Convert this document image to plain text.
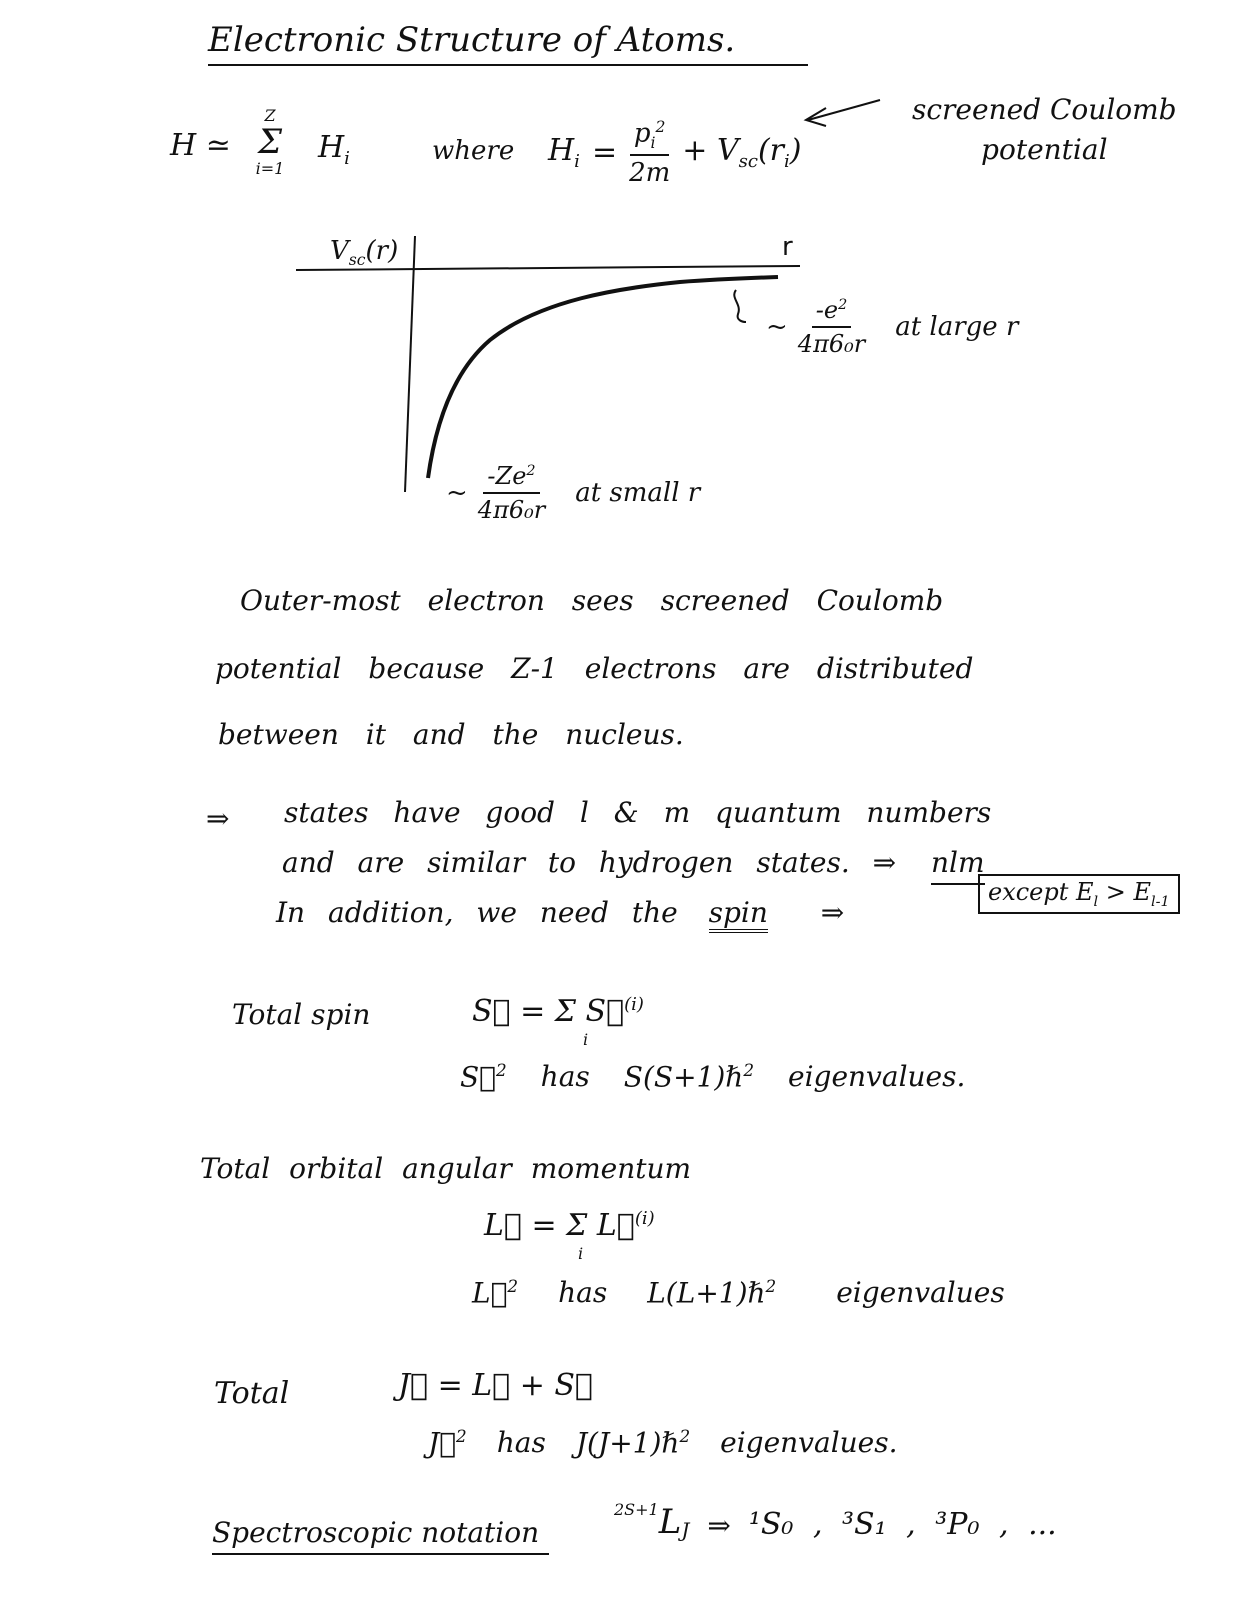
Electronic Structure of Atoms.
H ≃
Z
Σ
i=1
$H_i$	where $H_i = \frac{p_i^2}{2m} + V_{sc}(r_i)$
screened Coulomb
potential
$V_{sc}(r)$	r
~ $\frac{-e^2}{\text{4π6₀r}}$ at large r
~ $\frac{-Ze^2}{\text{4π6₀r}}$ at small r
Outer-most electron sees screened Coulomb
potential because Z-1 electrons are distributed
between it and the nucleus.
⇒ states have good l & m quantum numbers
and are similar to hydrogen states. ⇒ nlm
In addition, we need the spin ⇒
except $E_l > E_{l-1}$
Total spin	S⃗ = Σ S⃗$^{(i)}$
i
S⃗$^2$ has S(S+1)ℏ$^2$ eigenvalues.
Total orbital angular momentum
L⃗ = Σ L⃗$^{(i)}$
i
L⃗$^2$ has L(L+1)ℏ$^2$ eigenvalues
Total	J⃗ = L⃗ + S⃗
J⃗$^2$ has J(J+1)ℏ$^2$ eigenvalues.
Spectroscopic notation
$^{2S+1}L_J$ ⇒ ¹S₀ , ³S₁ , ³P₀ , ...
